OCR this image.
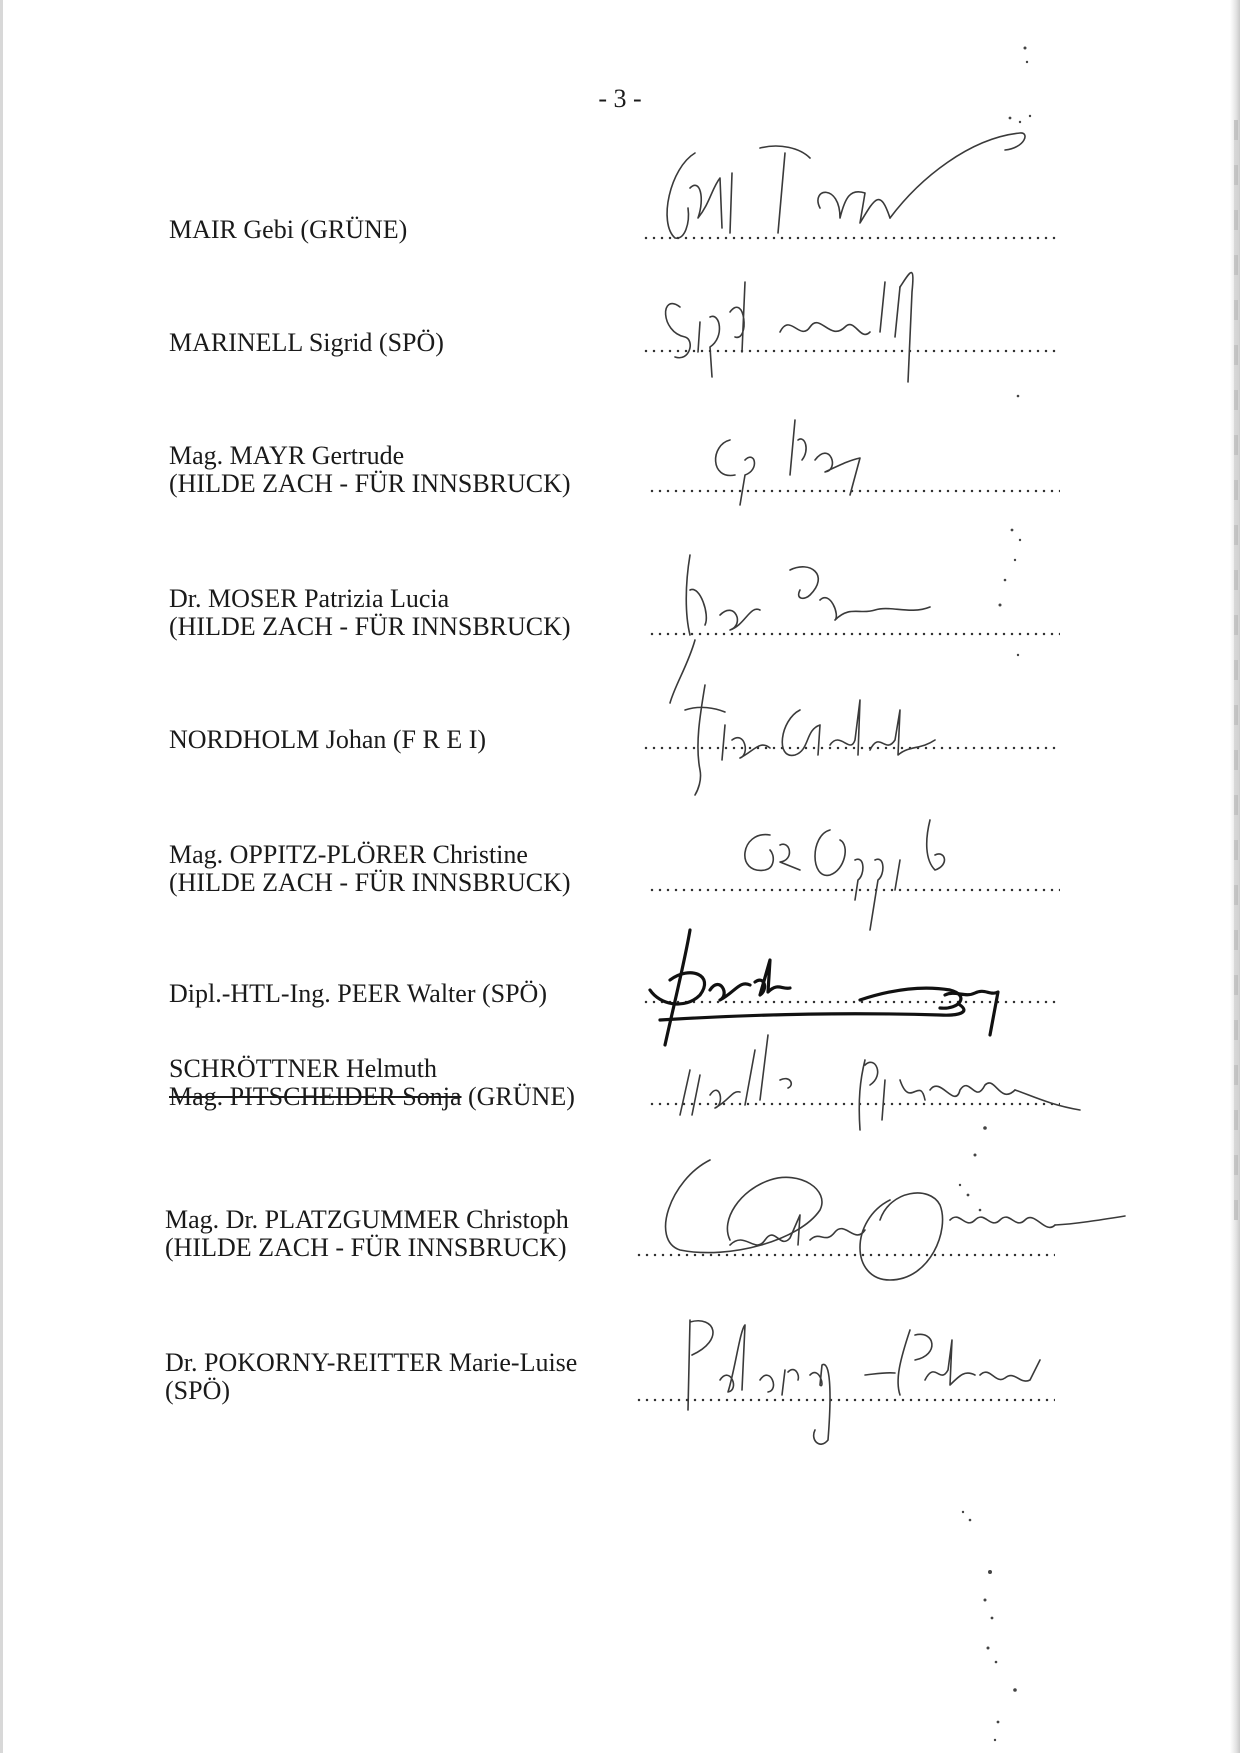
- 3 -
MAIR Gebi (GRÜNE)
MARINELL Sigrid (SPÖ)
Mag. MAYR Gertrude
(HILDE ZACH - FÜR INNSBRUCK)
Dr. MOSER Patrizia Lucia
(HILDE ZACH - FÜR INNSBRUCK)
NORDHOLM Johan (F R E I)
Mag. OPPITZ-PLÖRER Christine
(HILDE ZACH - FÜR INNSBRUCK)
Dipl.-HTL-Ing. PEER Walter (SPÖ)
SCHRÖTTNER Helmuth
Mag. PITSCHEIDER Sonja (GRÜNE)
Mag. Dr. PLATZGUMMER Christoph
(HILDE ZACH - FÜR INNSBRUCK)
Dr. POKORNY-REITTER Marie-Luise
(SPÖ)
